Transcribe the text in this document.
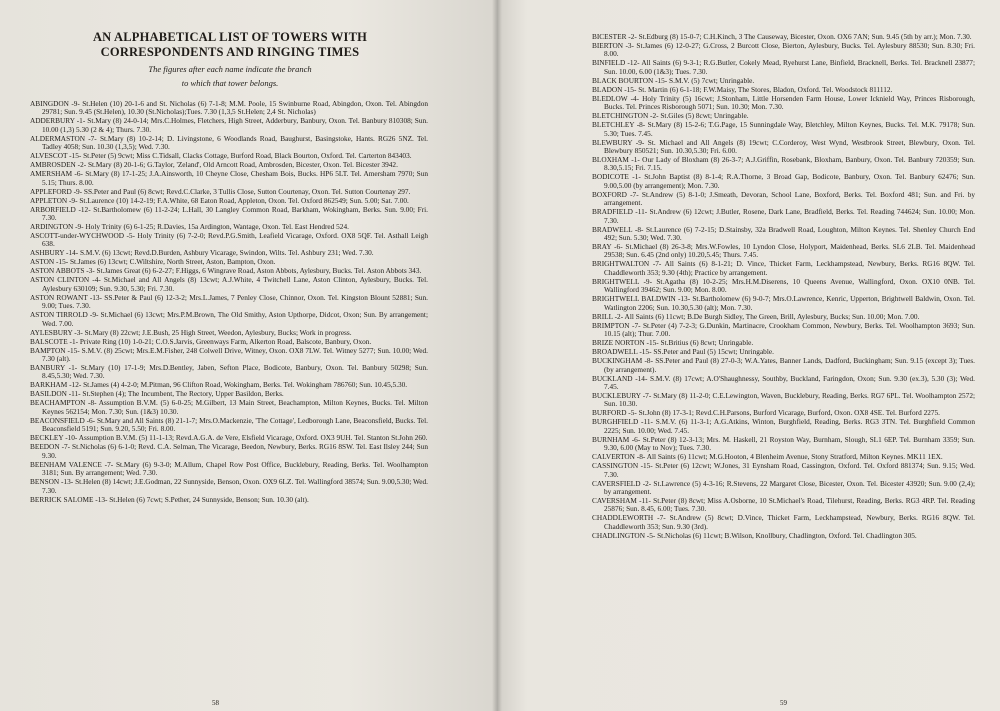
AN ALPHABETICAL LIST OF TOWERS WITH
CORRESPONDENTS AND RINGING TIMES
The figures after each name indicate the branch
to which that tower belongs.
ABINGDON -9- St.Helen (10) 20-1-6 and St. Nicholas (6) 7-1-8; M.M. Poole, 15 Swinburne Road, Abingdon, Oxon. Tel. Abingdon 29781; Sun. 9.45 (St.Helen), 10.30 (St.Nicholas);Tues. 7.30 (1,3,5 St.Helen; 2,4 St. Nicholas)
ADDERBURY -1- St.Mary (8) 24-0-14; Mrs.C.Holmes, Fletchers, High Street, Adderbury, Banbury, Oxon. Tel. Banbury 810308; Sun. 10.00 (1,3) 5.30 (2 & 4); Thurs. 7.30.
ALDERMASTON -7- St.Mary (8) 10-2-14; D. Livingstone, 6 Woodlands Road, Baughurst, Basingstoke, Hants. RG26 5NZ. Tel. Tadley 4058; Sun. 10.30 (1,3,5); Wed. 7.30.
ALVESCOT -15- St.Peter (5) 9cwt; Miss C.Tidsall, Clacks Cottage, Burford Road, Black Bourton, Oxford. Tel. Carterton 843403.
AMBROSDEN -2- St.Mary (8) 20-1-6; G.Taylor, 'Zeland', Old Arncott Road, Ambrosden, Bicester, Oxon. Tel. Bicester 3942.
AMERSHAM -6- St.Mary (8) 17-1-25; J.A.Ainsworth, 10 Cheyne Close, Chesham Bois, Bucks. HP6 5LT. Tel. Amersham 7970; Sun 5.15; Thurs. 8.00.
APPLEFORD -9- SS.Peter and Paul (6) 8cwt; Revd.C.Clarke, 3 Tullis Close, Sutton Courtenay, Oxon. Tel. Sutton Courtenay 297.
APPLETON -9- St.Laurence (10) 14-2-19; F.A.White, 68 Eaton Road, Appleton, Oxon. Tel. Oxford 862549; Sun. 5.00; Sat. 7.00.
ARBORFIELD -12- St.Bartholomew (6) 11-2-24; L.Hall, 30 Langley Common Road, Barkham, Wokingham, Berks. Sun. 9.00; Fri. 7.30.
ARDINGTON -9- Holy Trinity (6) 6-1-25; R.Davies, 15a Ardington, Wantage, Oxon. Tel. East Hendred 524.
ASCOTT-under-WYCHWOOD -5- Holy Trinity (6) 7-2-0; Revd.P.G.Smith, Leafield Vicarage, Oxford. OX8 5QF. Tel. Asthall Leigh 638.
ASHBURY -14- S.M.V. (6) 13cwt; Revd.D.Burden, Ashbury Vicarage, Swindon, Wilts. Tel. Ashbury 231; Wed. 7.30.
ASTON -15- St.James (6) 13cwt; C.Wiltshire, North Street, Aston, Bampton, Oxon.
ASTON ABBOTS -3- St.James Great (6) 6-2-27; F.Higgs, 6 Wingrave Road, Aston Abbots, Aylesbury, Bucks. Tel. Aston Abbots 343.
ASTON CLINTON -4- St.Michael and All Angels (8) 13cwt; A.J.White, 4 Twitchell Lane, Aston Clinton, Aylesbury, Bucks. Tel. Aylesbury 630109; Sun. 9.30, 5.30; Fri. 7.30.
ASTON ROWANT -13- SS.Peter & Paul (6) 12-3-2; Mrs.L.James, 7 Penley Close, Chinnor, Oxon. Tel. Kingston Blount 52881; Sun. 9.00; Tues. 7.30.
ASTON TIRROLD -9- St.Michael (6) 13cwt; Mrs.P.M.Brown, The Old Smithy, Aston Upthorpe, Didcot, Oxon; Sun. By arrangement; Wed. 7.00.
AYLESBURY -3- St.Mary (8) 22cwt; J.E.Bush, 25 High Street, Weedon, Aylesbury, Bucks; Work in progress.
BALSCOTE -1- Private Ring (10) 1-0-21; C.O.S.Jarvis, Greenways Farm, Alkerton Road, Balscote, Banbury, Oxon.
BAMPTON -15- S.M.V. (8) 25cwt; Mrs.E.M.Fisher, 248 Colwell Drive, Witney, Oxon. OX8 7LW. Tel. Witney 5277; Sun. 10.00; Wed. 7.30 (alt).
BANBURY -1- St.Mary (10) 17-1-9; Mrs.D.Bentley, Jaben, Sefton Place, Bodicote, Banbury, Oxon. Tel. Banbury 50298; Sun. 8.45,5.30; Wed. 7.30.
BARKHAM -12- St.James (4) 4-2-0; M.Pitman, 96 Clifton Road, Wokingham, Berks. Tel. Wokingham 786760; Sun. 10.45,5.30.
BASILDON -11- St.Stephen (4); The Incumbent, The Rectory, Upper Basildon, Berks.
BEACHAMPTON -8- Assumption B.V.M. (5) 6-0-25; M.Gilbert, 13 Main Street, Beachampton, Milton Keynes, Bucks. Tel. Milton Keynes 562154; Mon. 7.30; Sun. (1&3) 10.30.
BEACONSFIELD -6- St.Mary and All Saints (8) 21-1-7; Mrs.O.Mackenzie, 'The Cottage', Ledborough Lane, Beaconsfield, Bucks. Tel. Beaconsfield 5191; Sun. 9.20, 5.50; Fri. 8.00.
BECKLEY -10- Assumption B.V.M. (5) 11-1-13; Revd.A.G.A. de Vere, Elsfield Vicarage, Oxford. OX3 9UH. Tel. Stanton St.John 260.
BEEDON -7- St.Nicholas (6) 6-1-0; Revd. C.A. Selman, The Vicarage, Beedon, Newbury, Berks. RG16 8SW. Tel. East Ilsley 244; Sun 9.30.
BEENHAM VALENCE -7- St.Mary (6) 9-3-0; M.Allum, Chapel Row Post Office, Bucklebury, Reading, Berks. Tel. Woolhampton 3181; Sun. By arrangement; Wed. 7.30.
BENSON -13- St.Helen (8) 14cwt; J.E.Godman, 22 Sunnyside, Benson, Oxon. OX9 6LZ. Tel. Wallingford 38574; Sun. 9.00,5.30; Wed. 7.30.
BERRICK SALOME -13- St.Helen (6) 7cwt; S.Pether, 24 Sunnyside, Benson; Sun. 10.30 (alt).
58
BICESTER -2- St.Edburg (8) 15-0-7; C.H.Kinch, 3 The Causeway, Bicester, Oxon. OX6 7AN; Sun. 9.45 (5th by arr.); Mon. 7.30.
BIERTON -3- St.James (6) 12-0-27; G.Cross, 2 Burcott Close, Bierton, Aylesbury, Bucks. Tel. Aylesbury 88530; Sun. 8.30; Fri. 8.00.
BINFIELD -12- All Saints (6) 9-3-1; R.G.Butler, Cokely Mead, Ryehurst Lane, Binfield, Bracknell, Berks. Tel. Bracknell 23877; Sun. 10.00, 6.00 (1&3); Tues. 7.30.
BLACK BOURTON -15- S.M.V. (5) 7cwt; Unringable.
BLADON -15- St. Martin (6) 6-1-18; F.W.Maisy, The Stores, Bladon, Oxford. Tel. Woodstock 811112.
BLEDLOW -4- Holy Trinity (5) 16cwt; J.Stonham, Little Horsenden Farm House, Lower Icknield Way, Princes Risborough, Bucks. Tel. Princes Risborough 5071; Sun. 10.30; Mon. 7.30.
BLETCHINGTON -2- St.Giles (5) 8cwt; Unringable.
BLETCHLEY -8- St.Mary (8) 15-2-6; T.G.Page, 15 Sunningdale Way, Bletchley, Milton Keynes, Bucks. Tel. M.K. 79178; Sun. 5.30; Tues. 7.45.
BLEWBURY -9- St. Michael and All Angels (8) 19cwt; C.Corderoy, West Wynd, Westbrook Street, Blewbury, Oxon. Tel. Blewbury 850521; Sun. 10.30,5.30; Fri. 6.00.
BLOXHAM -1- Our Lady of Bloxham (8) 26-3-7; A.J.Griffin, Rosebank, Bloxham, Banbury, Oxon. Tel. Banbury 720359; Sun. 8.30,5.15; Fri. 7.15.
BODICOTE -1- St.John Baptist (8) 8-1-4; R.A.Thorne, 3 Broad Gap, Bodicote, Banbury, Oxon. Tel. Banbury 62476; Sun. 9.00,5.00 (by arrangement); Mon. 7.30.
BOXFORD -7- St.Andrew (5) 8-1-0; J.Smeath, Devoran, School Lane, Boxford, Berks. Tel. Boxford 481; Sun. and Fri. by arrangement.
BRADFIELD -11- St.Andrew (6) 12cwt; J.Butler, Rosene, Dark Lane, Bradfield, Berks. Tel. Reading 744624; Sun. 10.00; Mon. 7.30.
BRADWELL -8- St.Laurence (6) 7-2-15; D.Stainsby, 32a Bradwell Road, Loughton, Milton Keynes. Tel. Shenley Church End 492; Sun. 5.30; Wed. 7.30.
BRAY -6- St.Michael (8) 26-3-8; Mrs.W.Fowles, 10 Lyndon Close, Holyport, Maidenhead, Berks. SL6 2LB. Tel. Maidenhead 29538; Sun. 6.45 (2nd only) 10.20,5.45; Thurs. 7.45.
BRIGHTWALTON -7- All Saints (6) 8-1-21; D. Vince, Thicket Farm, Leckhampstead, Newbury, Berks. RG16 8QW. Tel. Chaddleworth 353; 9.30 (4th); Practice by arrangement.
BRIGHTWELL -9- St.Agatha (8) 10-2-25; Mrs.H.M.Diserens, 10 Queens Avenue, Wallingford, Oxon. OX10 0NB. Tel. Wallingford 39462; Sun. 9.00; Mon. 8.00.
BRIGHTWELL BALDWIN -13- St.Bartholomew (6) 9-0-7; Mrs.O.Lawrence, Kenric, Upperton, Brightwell Baldwin, Oxon. Tel. Watlington 2206; Sun. 10.30,5.30 (alt); Mon. 7.30.
BRILL -2- All Saints (6) 11cwt; B.De Burgh Sidley, The Green, Brill, Aylesbury, Bucks; Sun. 10.00; Mon. 7.00.
BRIMPTON -7- St.Peter (4) 7-2-3; G.Dunkin, Martinacre, Crookham Common, Newbury, Berks. Tel. Woolhampton 3693; Sun. 10.15 (alt); Thur. 7.00.
BRIZE NORTON -15- St.Britius (6) 8cwt; Unringable.
BROADWELL -15- SS.Peter and Paul (5) 15cwt; Unringable.
BUCKINGHAM -8- SS.Peter and Paul (8) 27-0-3; W.A.Yates, Banner Lands, Dadford, Buckingham; Sun. 9.15 (except 3); Tues. (by arrangement).
BUCKLAND -14- S.M.V. (8) 17cwt; A.O'Shaughnessy, Southby, Buckland, Faringdon, Oxon; Sun. 9.30 (ex.3), 5.30 (3); Wed. 7.45.
BUCKLEBURY -7- St.Mary (8) 11-2-0; C.E.Lewington, Waven, Bucklebury, Reading, Berks. RG7 6PL. Tel. Woolhampton 2572; Sun. 10.30.
BURFORD -5- St.John (8) 17-3-1; Revd.C.H.Parsons, Burford Vicarage, Burford, Oxon. OX8 4SE. Tel. Burford 2275.
BURGHFIELD -11- S.M.V. (6) 11-3-1; A.G.Atkins, Winton, Burghfield, Reading, Berks. RG3 3TN. Tel. Burghfield Common 2225; Sun. 10.00; Wed. 7.45.
BURNHAM -6- St.Peter (8) 12-3-13; Mrs. M. Haskell, 21 Royston Way, Burnham, Slough, SL1 6EP. Tel. Burnham 3359; Sun. 9.30, 6.00 (May to Nov); Tues. 7.30.
CALVERTON -8- All Saints (6) 11cwt; M.G.Hooton, 4 Blenheim Avenue, Stony Stratford, Milton Keynes. MK11 1EX.
CASSINGTON -15- St.Peter (6) 12cwt; W.Jones, 31 Eynsham Road, Cassington, Oxford. Tel. Oxford 881374; Sun. 9.15; Wed. 7.30.
CAVERSFIELD -2- St.Lawrence (5) 4-3-16; R.Stevens, 22 Margaret Close, Bicester, Oxon. Tel. Bicester 43920; Sun. 9.00 (2,4); by arrangement.
CAVERSHAM -11- St.Peter (8) 8cwt; Miss A.Osborne, 10 St.Michael's Road, Tilehurst, Reading, Berks. RG3 4RP. Tel. Reading 25876; Sun. 8.45, 6.00; Tues. 7.30.
CHADDLEWORTH -7- St.Andrew (5) 8cwt; D.Vince, Thicket Farm, Leckhampstead, Newbury, Berks. RG16 8QW. Tel. Chaddleworth 353; Sun. 9.30 (3rd).
CHADLINGTON -5- St.Nicholas (6) 11cwt; B.Wilson, Knollbury, Chadlington, Oxford. Tel. Chadlington 305.
59
